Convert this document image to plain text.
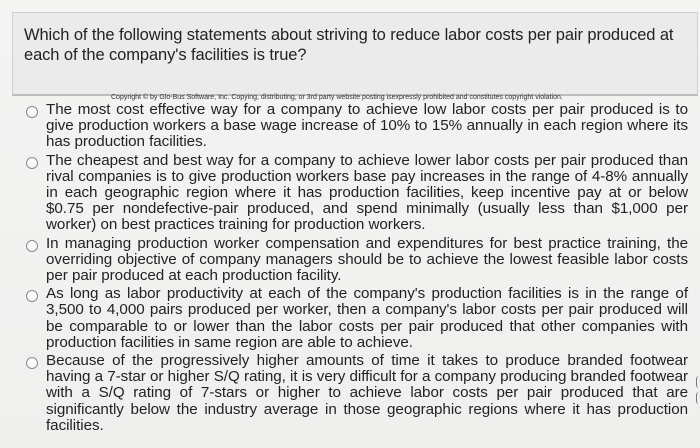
Which of the following statements about striving to reduce labor costs per pair produced at each of the company's facilities is true?
Copyright © by Glo-Bus Software, Inc. Copying, distributing, or 3rd party website posting isexpressly prohibited and constitutes copyright violation.
The most cost effective way for a company to achieve low labor costs per pair produced is to give production workers a base wage increase of 10% to 15% annually in each region where its has production facilities.
The cheapest and best way for a company to achieve lower labor costs per pair produced than rival companies is to give production workers base pay increases in the range of 4-8% annually in each geographic region where it has production facilities, keep incentive pay at or below $0.75 per nondefective-pair produced, and spend minimally (usually less than $1,000 per worker) on best practices training for production workers.
In managing production worker compensation and expenditures for best practice training, the overriding objective of company managers should be to achieve the lowest feasible labor costs per pair produced at each production facility.
As long as labor productivity at each of the company's production facilities is in the range of 3,500 to 4,000 pairs produced per worker, then a company's labor costs per pair produced will be comparable to or lower than the labor costs per pair produced that other companies with production facilities in same region are able to achieve.
Because of the progressively higher amounts of time it takes to produce branded footwear having a 7-star or higher S/Q rating, it is very difficult for a company producing branded footwear with a S/Q rating of 7-stars or higher to achieve labor costs per pair produced that are significantly below the industry average in those geographic regions where it has production facilities.
